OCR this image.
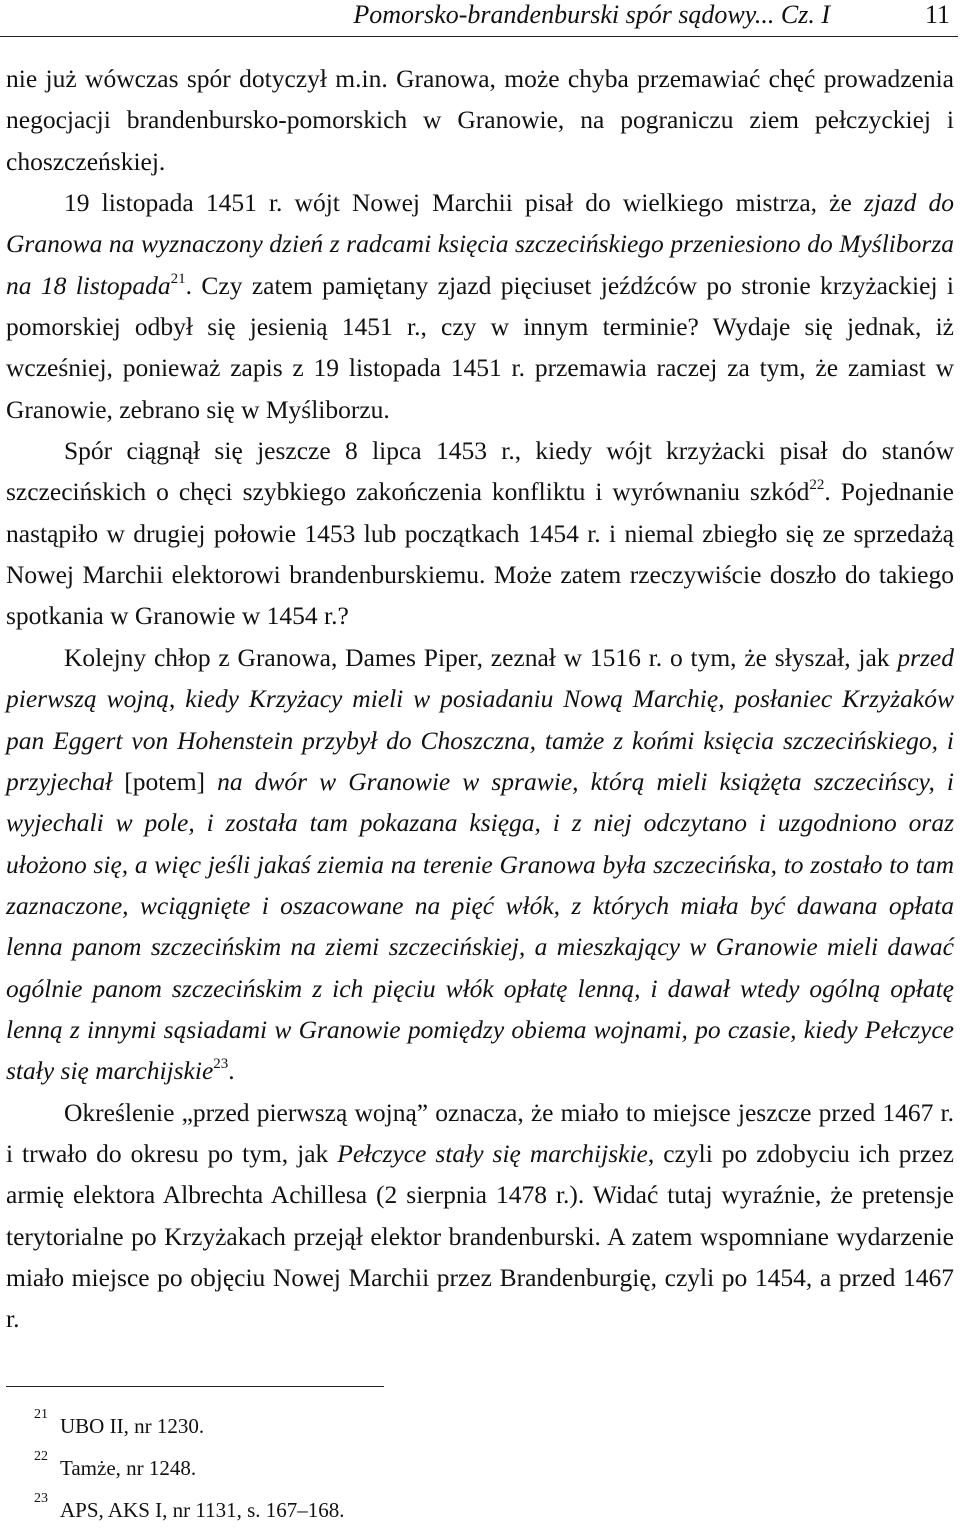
Pomorsko-brandenburski spór sądowy... Cz. I	11

nie już wówczas spór dotyczył m.in. Granowa, może chyba przemawiać chęć prowadzenia negocjacji brandenbursko-pomorskich w Granowie, na pograniczu ziem pełczyckiej i choszczeńskiej.

19 listopada 1451 r. wójt Nowej Marchii pisał do wielkiego mistrza, że zjazd do Granowa na wyznaczony dzień z radcami księcia szczecińskiego przeniesiono do Myśliborza na 18 listopada$^{21}$. Czy zatem pamiętany zjazd pięciuset jeźdźców po stronie krzyżackiej i pomorskiej odbył się jesienią 1451 r., czy w innym terminie? Wydaje się jednak, iż wcześniej, ponieważ zapis z 19 listopada 1451 r. przemawia raczej za tym, że zamiast w Granowie, zebrano się w Myśliborzu.

Spór ciągnął się jeszcze 8 lipca 1453 r., kiedy wójt krzyżacki pisał do stanów szczecińskich o chęci szybkiego zakończenia konfliktu i wyrównaniu szkód$^{22}$. Pojednanie nastąpiło w drugiej połowie 1453 lub początkach 1454 r. i niemal zbiegło się ze sprzedażą Nowej Marchii elektorowi brandenburskiemu. Może zatem rzeczywiście doszło do takiego spotkania w Granowie w 1454 r.?

Kolejny chłop z Granowa, Dames Piper, zeznał w 1516 r. o tym, że słyszał, jak przed pierwszą wojną, kiedy Krzyżacy mieli w posiadaniu Nową Marchię, posłaniec Krzyżaków pan Eggert von Hohenstein przybył do Choszczna, tamże z końmi księcia szczecińskiego, i przyjechał [potem] na dwór w Granowie w sprawie, którą mieli książęta szczecińscy, i wyjechali w pole, i została tam pokazana księga, i z niej odczytano i uzgodniono oraz ułożono się, a więc jeśli jakaś ziemia na terenie Granowa była szczecińska, to zostało to tam zaznaczone, wciągnięte i oszacowane na pięć włók, z których miała być dawana opłata lenna panom szczecińskim na ziemi szczecińskiej, a mieszkający w Granowie mieli dawać ogólnie panom szczecińskim z ich pięciu włók opłatę lenną, i dawał wtedy ogólną opłatę lenną z innymi sąsiadami w Granowie pomiędzy obiema wojnami, po czasie, kiedy Pełczyce stały się marchijskie$^{23}$.

Określenie „przed pierwszą wojną” oznacza, że miało to miejsce jeszcze przed 1467 r. i trwało do okresu po tym, jak Pełczyce stały się marchijskie, czyli po zdobyciu ich przez armię elektora Albrechta Achillesa (2 sierpnia 1478 r.). Widać tutaj wyraźnie, że pretensje terytorialne po Krzyżakach przejął elektor brandenburski. A zatem wspomniane wydarzenie miało miejsce po objęciu Nowej Marchii przez Brandenburgię, czyli po 1454, a przed 1467 r.

21 UBO II, nr 1230.
22 Tamże, nr 1248.
23 APS, AKS I, nr 1131, s. 167–168.
